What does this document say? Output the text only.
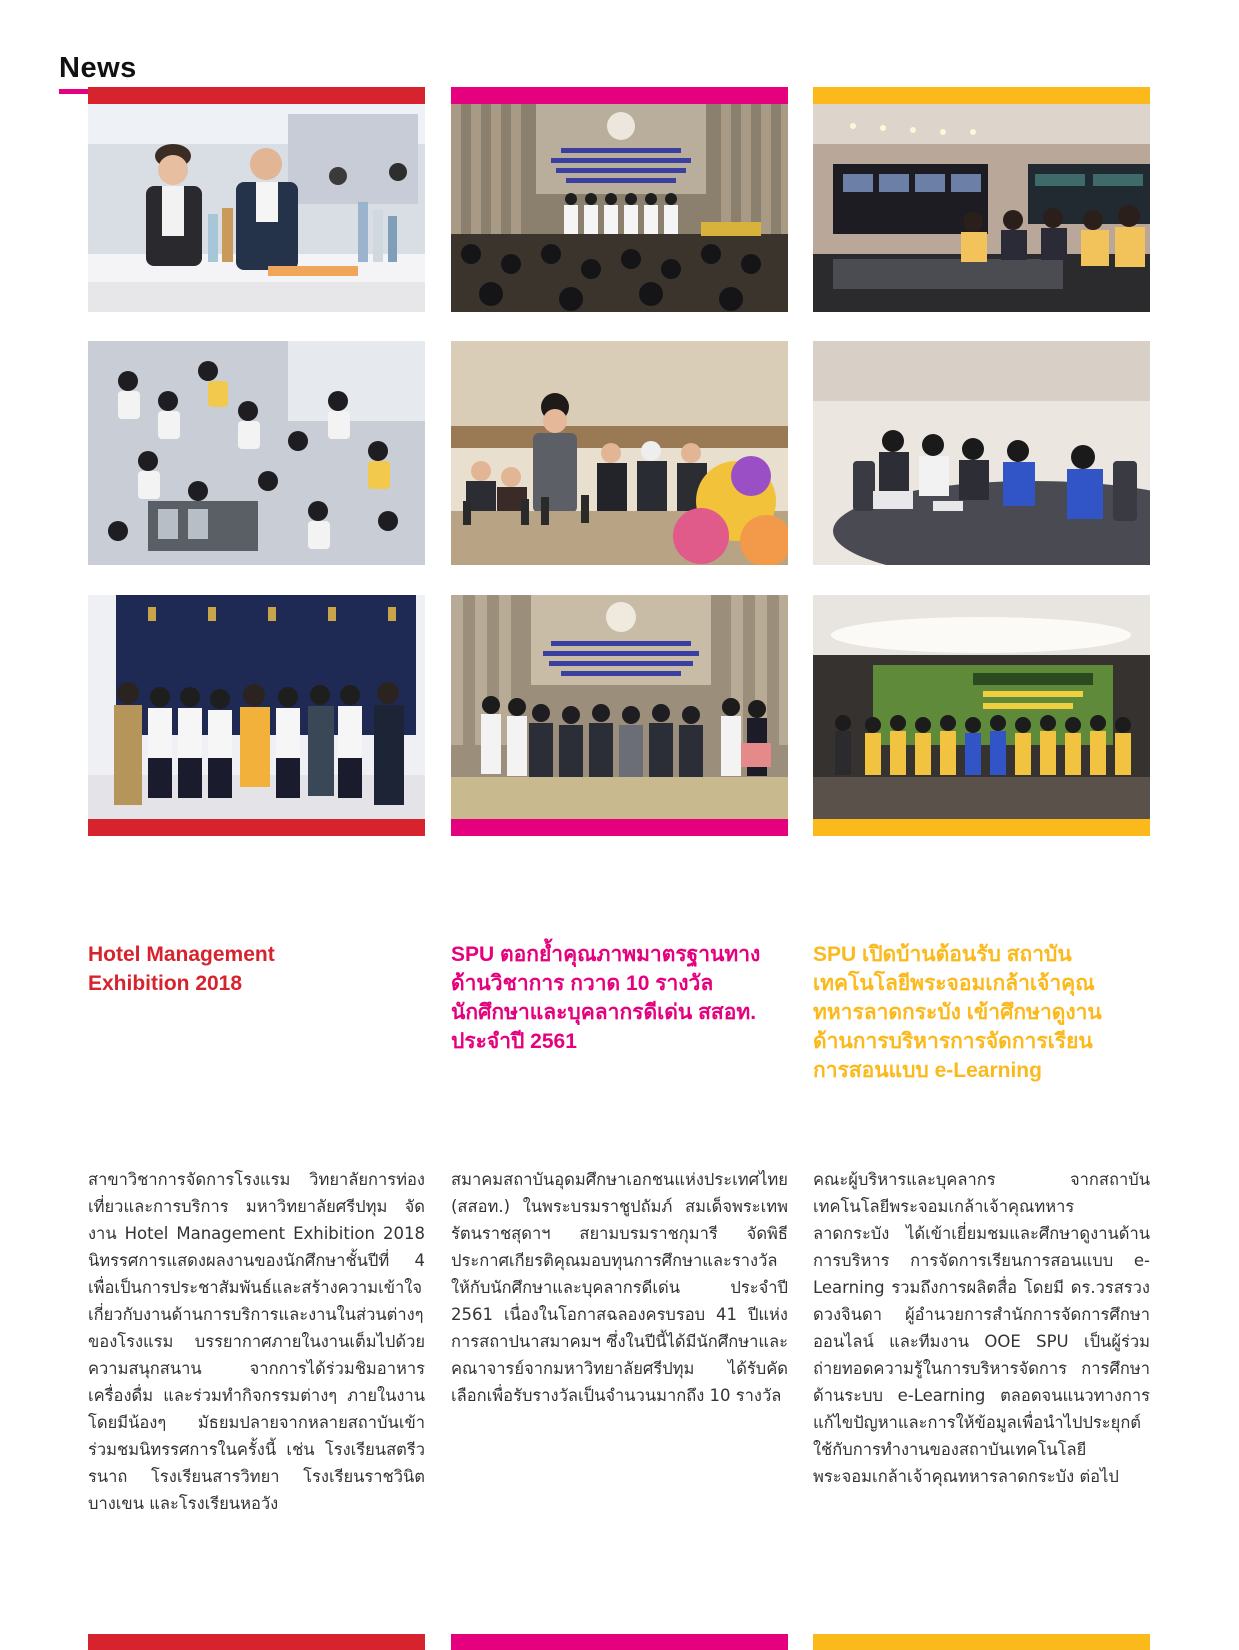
News
Hotel Management Exhibition 2018
SPU ตอกย้ำคุณภาพมาตรฐานทางด้านวิชาการ กวาด 10 รางวัล นักศึกษาและบุคลากรดีเด่น สสอท. ประจำปี 2561
SPU เปิดบ้านต้อนรับ สถาบันเทคโนโลยีพระจอมเกล้าเจ้าคุณทหารลาดกระบัง เข้าศึกษาดูงานด้านการบริหารการจัดการเรียนการสอนแบบ e-Learning

สาขาวิชาการจัดการโรงแรม วิทยาลัยการท่องเที่ยวและการบริการ มหาวิทยาลัยศรีปทุม จัดงาน Hotel Management Exhibition 2018 นิทรรศการแสดงผลงานของนักศึกษาชั้นปีที่ 4 เพื่อเป็นการประชาสัมพันธ์และสร้างความเข้าใจเกี่ยวกับงานด้านการบริการและงานในส่วนต่างๆ ของโรงแรม บรรยากาศภายในงานเต็มไปด้วยความสนุกสนาน จากการได้ร่วมชิมอาหาร เครื่องดื่ม และร่วมทำกิจกรรมต่างๆ ภายในงาน โดยมีน้องๆ มัธยมปลายจากหลายสถาบันเข้าร่วมชมนิทรรศการในครั้งนี้ เช่น โรงเรียนสตรีวรนาถ โรงเรียนสารวิทยา โรงเรียนราชวินิตบางเขน และโรงเรียนหอวัง

สมาคมสถาบันอุดมศึกษาเอกชนแห่งประเทศไทย (สสอท.) ในพระบรมราชูปถัมภ์ สมเด็จพระเทพรัตนราชสุดาฯ สยามบรมราชกุมารี จัดพิธีประกาศเกียรติคุณมอบทุนการศึกษาและรางวัลให้กับนักศึกษาและบุคลากรดีเด่น ประจำปี 2561 เนื่องในโอกาสฉลองครบรอบ 41 ปีแห่งการสถาปนาสมาคมฯ ซึ่งในปีนี้ได้มีนักศึกษาและคณาจารย์จากมหาวิทยาลัยศรีปทุม ได้รับคัดเลือกเพื่อรับรางวัลเป็นจำนวนมากถึง 10 รางวัล

คณะผู้บริหารและบุคลากร จากสถาบันเทคโนโลยีพระจอมเกล้าเจ้าคุณทหารลาดกระบัง ได้เข้าเยี่ยมชมและศึกษาดูงานด้านการบริหาร การจัดการเรียนการสอนแบบ e-Learning รวมถึงการผลิตสื่อ โดยมี ดร.วรสรวง ดวงจินดา ผู้อำนวยการสำนักการจัดการศึกษาออนไลน์ และทีมงาน OOE SPU เป็นผู้ร่วมถ่ายทอดความรู้ในการบริหารจัดการ การศึกษาด้านระบบ e-Learning ตลอดจนแนวทางการแก้ไขปัญหาและการให้ข้อมูลเพื่อนำไปประยุกต์ใช้กับการทำงานของสถาบันเทคโนโลยีพระจอมเกล้าเจ้าคุณทหารลาดกระบัง ต่อไป
